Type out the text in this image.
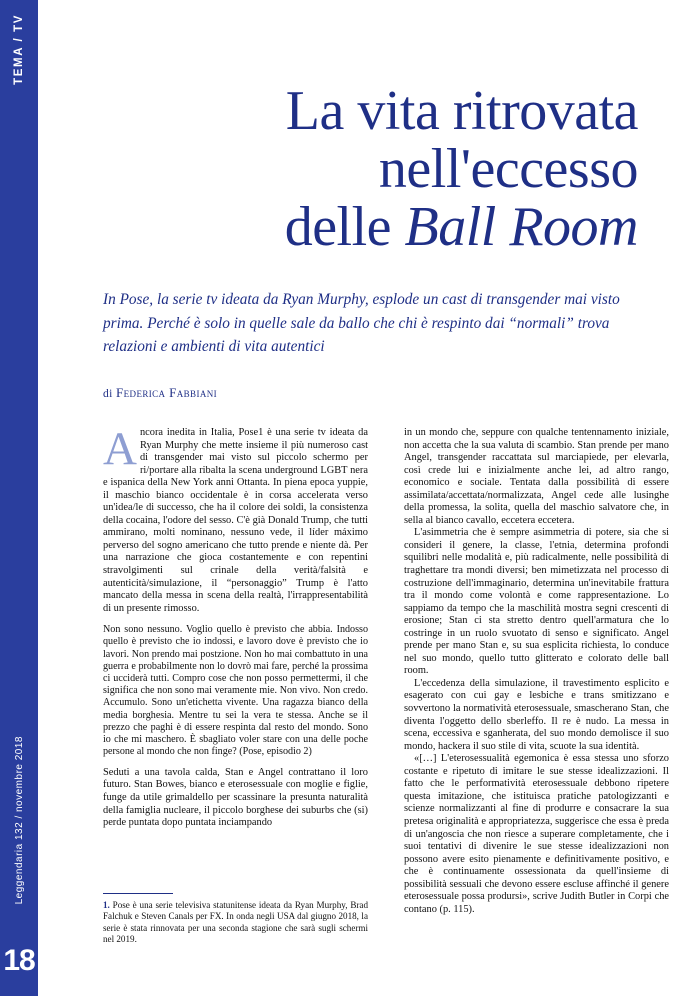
TEMA / TV
Leggendaria 132 / novembre 2018
18
La vita ritrovata
nell'eccesso
delle Ball Room
In Pose, la serie tv ideata da Ryan Murphy, esplode un cast di transgender mai visto prima. Perché è solo in quelle sale da ballo che chi è respinto dai “normali” trova relazioni e ambienti di vita autentici
di Federica Fabbiani

Ancora inedita in Italia, Pose1 è una serie tv ideata da Ryan Murphy che mette insieme il più numeroso cast di transgender mai visto sul piccolo schermo per ri/portare alla ribalta la scena underground LGBT nera e ispanica della New York anni Ottanta. In piena epoca yuppie, il maschio bianco occidentale è in corsa accelerata verso un'idea/le di successo, che ha il colore dei soldi, la consistenza della cocaina, l'odore del sesso. C'è già Donald Trump, che tutti ammirano, molti nominano, nessuno vede, il líder máximo perverso del sogno americano che tutto prende e niente dà. Per una narrazione che gioca costantemente e con repentini stravolgimenti sul crinale della verità/falsità e autenticità/simulazione, il “personaggio” Trump è l'atto mancato della messa in scena della realtà, l'irrappresentabilità di un presente rimosso.

Non sono nessuno. Voglio quello è previsto che abbia. Indosso quello è previsto che io indossi, e lavoro dove è previsto che io lavori. Non prendo mai postzione. Non ho mai combattuto in una guerra e probabilmente non lo dovrò mai fare, perché la prossima ci ucciderà tutti. Compro cose che non posso permettermi, il che significa che non sono mai veramente mie. Non vivo. Non credo. Accumulo. Sono un'etichetta vivente. Una ragazza bianco della media borghesia. Mentre tu sei la vera te stessa. Anche se il prezzo che paghi è di essere respinta dal resto del mondo. Sono io che mi maschero. È sbagliato voler stare con una delle poche persone al mondo che non finge? (Pose, episodio 2)

Seduti a una tavola calda, Stan e Angel contrattano il loro futuro. Stan Bowes, bianco e eterosessuale con moglie e figlie, funge da utile grimaldello per scassinare la presunta naturalità della famiglia nucleare, il piccolo borghese dei suburbs che (si) perde puntata dopo puntata inciampando

in un mondo che, seppure con qualche tentennamento iniziale, non accetta che la sua valuta di scambio. Stan prende per mano Angel, transgender raccattata sul marciapiede, per elevarla, così crede lui e inizialmente anche lei, ad altro rango, economico e sociale. Tentata dalla possibilità di essere assimilata/accettata/normalizzata, Angel cede alle lusinghe della promessa, la solita, quella del maschio salvatore che, in sella al bianco cavallo, eccetera eccetera.

L'asimmetria che è sempre asimmetria di potere, sia che si consideri il genere, la classe, l'etnia, determina profondi squilibri nelle modalità e, più radicalmente, nelle possibilità di traghettare tra mondi diversi; ben mimetizzata nel processo di costruzione dell'immaginario, determina un'inevitabile frattura tra il mondo come volontà e come rappresentazione. Lo sappiamo da tempo che la maschilità mostra segni crescenti di erosione; Stan ci sta stretto dentro quell'armatura che lo costringe in un ruolo svuotato di senso e significato. Angel prende per mano Stan e, su sua esplicita richiesta, lo conduce nel suo mondo, quello tutto glitterato e colorato delle ball room.

L'eccedenza della simulazione, il travestimento esplicito e esagerato con cui gay e lesbiche e trans smitizzano e sovvertono la normatività eterosessuale, smascherano Stan, che diventa l'oggetto dello sberleffo. Il re è nudo. La messa in scena, eccessiva e sganherata, del suo mondo demolisce il suo mondo, hackera il suo stile di vita, scuote la sua identità.

«[…] L'eterosessualità egemonica è essa stessa uno sforzo costante e ripetuto di imitare le sue stesse idealizzazioni. Il fatto che le performatività eterosessuale debbono ripetere questa imitazione, che istituisca pratiche patologizzanti e scienze normalizzanti al fine di produrre e consacrare la sua pretesa originalità e appropriatezza, suggerisce che essa è preda di un'angoscia che non riesce a superare completamente, che i suoi tentativi di divenire le sue stesse idealizzazioni non possono avere esito pienamente e definitivamente positivo, e che è continuamente ossessionata da quell'insieme di possibilità sessuali che devono essere escluse affinché il genere eterosessuale possa prodursi», scrive Judith Butler in Corpi che contano (p. 115).

1. Pose è una serie televisiva statunitense ideata da Ryan Murphy, Brad Falchuk e Steven Canals per FX. In onda negli USA dal giugno 2018, la serie è stata rinnovata per una seconda stagione che sarà sugli schermi nel 2019.
